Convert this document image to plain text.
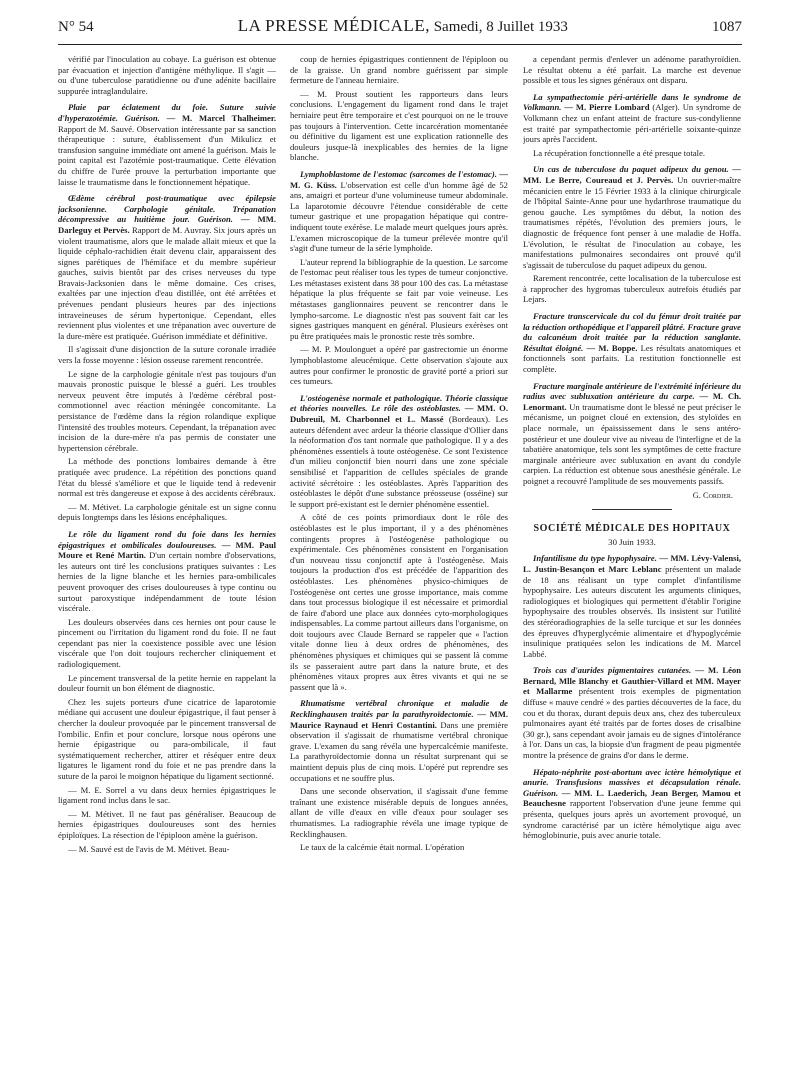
N° 54	LA PRESSE MÉDICALE, Samedi, 8 Juillet 1933	1087

vérifié par l'inoculation au cobaye. La guérison est obtenue par évacuation et injection d'antigène méthylique. Il s'agit — ou d'une tuberculose paratidienne ou d'une adénite bacillaire suppurée intraglandulaire.

Plaie par éclatement du foie. Suture suivie d'hyperazotémie. Guérison. — M. Marcel Thalheimer. Rapport de M. Sauvé. Observation intéressante par sa sanction thérapeutique : suture, établissement d'un Mikulicz et transfusion sanguine immédiate ont amené la guérison. Mais le point capital est l'azotémie post-traumatique. Cette élévation du chiffre de l'urée prouve la perturbation importante que laisse le traumatisme dans le fonctionnement hépatique.

Œdème cérébral post-traumatique avec épilepsie jacksonienne. Carphologie génitale. Trépanation décompressive au huitième jour. Guérison. — MM. Darleguy et Pervès. Rapport de M. Auvray. Six jours après un violent traumatisme, alors que le malade allait mieux et que la liquide céphalo-rachidien était devenu clair, apparaissent des signes parétiques de l'hémiface et du membre supérieur gauches, suivis bientôt par des crises nerveuses du type Bravais-Jacksonien dans le même domaine. Ces crises, exaltées par une injection d'eau distillée, ont été arrêtées et prévenues pendant plusieurs heures par des injections intraveineuses de sérum hypertonique. Cependant, elles reviennent plus violentes et une trépanation avec ouverture de la dure-mère est pratiquée. Guérison immédiate et définitive.

Il s'agissait d'une disjonction de la suture coronale irradiée vers la fosse moyenne : lésion osseuse rarement rencontrée.

Le signe de la carphologie génitale n'est pas toujours d'un mauvais pronostic puisque le blessé a guéri. Les troubles nerveux peuvent être imputés à l'œdème cérébral post-commotionnel avec réaction méningée concomitante. La persistance de l'œdème dans la région rolandique explique l'intensité des troubles moteurs. Cependant, la trépanation avec incision de la dure-mère n'a pas permis de constater une hypertension cérébrale.

La méthode des ponctions lombaires demande à être pratiquée avec prudence. La répétition des ponctions quand l'état du blessé s'améliore et que le liquide tend à redevenir normal est très dangereuse et expose à des accidents cérébraux.

— M. Métivet. La carphologie génitale est un signe connu depuis longtemps dans les lésions encéphaliques.

Le rôle du ligament rond du foie dans les hernies épigastriques et ombilicales douloureuses. — MM. Paul Moure et René Martin. D'un certain nombre d'observations, les auteurs ont tiré les conclusions pratiques suivantes : Les hernies de la ligne blanche et les hernies para-ombilicales peuvent provoquer des crises douloureuses à type continu ou surtout paroxystique indépendamment de toute lésion viscérale.

Les douleurs observées dans ces hernies ont pour cause le pincement ou l'irritation du ligament rond du foie. Il ne faut cependant pas nier la coexistence possible avec une lésion viscérale que l'on doit toujours rechercher cliniquement et radiologiquement.

Le pincement transversal de la petite hernie en rappelant la douleur fournit un bon élément de diagnostic.

Chez les sujets porteurs d'une cicatrice de laparotomie médiane qui accusent une douleur épigastrique, il faut penser à chercher la douleur provoquée par le pincement transversal de l'ombilic. Enfin et pour conclure, lorsque nous opérons une hernie épigastrique ou para-ombilicale, il faut systématiquement rechercher, attirer et réséquer entre deux ligatures le ligament rond du foie et ne pas prendre dans la suture de la paroi le moignon hépatique du ligament sectionné.

— M. E. Sorrel a vu dans deux hernies épigastriques le ligament rond inclus dans le sac.

— M. Métivet. Il ne faut pas généraliser. Beaucoup de hernies épigastriques douloureuses sont des hernies épiploïques. La résection de l'épiploon amène la guérison.

— M. Sauvé est de l'avis de M. Métivet. Beau-

coup de hernies épigastriques contiennent de l'épiploon ou de la graisse. Un grand nombre guérissent par simple fermeture de l'anneau herniaire.

— M. Proust soutient les rapporteurs dans leurs conclusions. L'engagement du ligament rond dans le trajet herniaire peut être temporaire et c'est pourquoi on ne le trouve pas toujours à l'intervention. Cette incarcération momentanée ou définitive du ligament est une explication rationnelle des douleurs jusque-là inexplicables des hernies de la ligne blanche.

Lymphoblastome de l'estomac (sarcomes de l'estomac). — M. G. Küss. L'observation est celle d'un homme âgé de 52 ans, amaigri et porteur d'une volumineuse tumeur abdominale. La laparotomie découvre l'étendue considérable de cette tumeur gastrique et une propagation hépatique qui contre-indiquent toute exérèse. Le malade meurt quelques jours après. L'examen microscopique de la tumeur prélevée montre qu'il s'agit d'une tumeur de la série lymphoïde.

L'auteur reprend la bibliographie de la question. Le sarcome de l'estomac peut réaliser tous les types de tumeur conjonctive. Les métastases existent dans 38 pour 100 des cas. La métastase hépatique la plus fréquente se fait par voie veineuse. Les métastases ganglionnaires peuvent se rencontrer dans le lympho-sarcome. Le diagnostic n'est pas souvent fait car les signes gastriques manquent en général. Plusieurs exérèses ont pu être pratiquées mais le pronostic reste très sombre.

— M. P. Moulonguet a opéré par gastrectomie un énorme lymphoblastome aleucémique. Cette observation s'ajoute aux autres pour confirmer le pronostic de gravité porté a priori sur ces tumeurs.

L'ostéogenèse normale et pathologique. Théorie classique et théories nouvelles. Le rôle des ostéoblastes. — MM. O. Dubreuil, M. Charbonnel et L. Massé (Bordeaux). Les auteurs défendent avec ardeur la théorie classique d'Ollier dans la néoformation d'os tant normale que pathologique. Il y a des phénomènes essentiels à toute ostéogenèse. Ce sont l'existence d'un milieu conjonctif bien nourri dans une zone spéciale sensibilisé et l'apparition de cellules spéciales de grande activité sécrétoire : les ostéoblastes. Après l'apparition des ostéoblastes le dépôt d'une substance préosseuse (osséine) sur le support pré-existant est le dernier phénomène essentiel.

A côté de ces points primordiaux dont le rôle des ostéoblastes est le plus important, il y a des phénomènes contingents propres à l'ostéogenèse pathologique ou expérimentale. Ces phénomènes consistent en l'organisation d'un nouveau tissu conjonctif apte à l'ostéogenèse. Mais toujours la production d'os est précédée de l'apparition des ostéoblastes. Les phénomènes physico-chimiques de l'ostéogenèse ont certes une grosse importance, mais comme dans tout processus biologique il est nécessaire et primordial de faire d'abord une place aux données cyto-morphologiques indispensables. La comme partout ailleurs dans l'organisme, on doit toujours avec Claude Bernard se rappeler que « l'action vitale donne lieu à deux ordres de phénomènes, des phénomènes physiques et chimiques qui se passent là comme ils se passeraient autre part dans la nature brute, et des phénomènes vitaux propres aux êtres vivants et qui ne se passent que là ».

Rhumatisme vertébral chronique et maladie de Recklinghausen traités par la parathyroïdectomie. — MM. Maurice Raynaud et Henri Costantini. Dans une première observation il s'agissait de rhumatisme vertébral chronique grave. L'examen du sang révéla une hypercalcémie manifeste. La parathyroïdectomie donna un résultat surprenant qui se maintient depuis plus de cinq mois. L'opéré put reprendre ses occupations et ne souffre plus.

Dans une seconde observation, il s'agissait d'une femme traînant une existence misérable depuis de longues années, allant de ville d'eaux en ville d'eaux pour soulager ses rhumatismes. La radiographie révéla une image typique de Recklinghausen.

Le taux de la calcémie était normal. L'opération

a cependant permis d'enlever un adénome parathyroïdien. Le résultat obtenu a été parfait. La marche est devenue possible et tous les signes généraux ont disparu.

La sympathectomie péri-artérielle dans le syndrome de Volkmann. — M. Pierre Lombard (Alger). Un syndrome de Volkmann chez un enfant atteint de fracture sus-condylienne est traité par sympathectomie péri-artérielle soixante-quinze jours après l'accident.

La récupération fonctionnelle a été presque totale.

Un cas de tuberculose du paquet adipeux du genou. — MM. Le Berre, Coureaud et J. Pervès. Un ouvrier-maître mécanicien entre le 15 Février 1933 à la clinique chirurgicale de l'hôpital Sainte-Anne pour une hydarthrose traumatique du genou gauche. Les symptômes du début, la notion des traumatismes répétés, l'évolution des premiers jours, le diagnostic de fréquence font penser à une maladie de Hoffa. L'évolution, le résultat de l'inoculation au cobaye, les manifestations pulmonaires secondaires ont prouvé qu'il s'agissait de tuberculose du paquet adipeux du genou.

Rarement rencontrée, cette localisation de la tuberculose est à rapprocher des hygromas tuberculeux autrefois étudiés par Lejars.

Fracture transcervicale du col du fémur droit traitée par la réduction orthopédique et l'appareil plâtré. Fracture grave du calcanéum droit traitée par la réduction sanglante. Résultat éloigné. — M. Boppe. Les résultats anatomiques et fonctionnels sont parfaits. La restitution fonctionnelle est complète.

Fracture marginale antérieure de l'extrémité inférieure du radius avec subluxation antérieure du carpe. — M. Ch. Lenormant. Un traumatisme dont le blessé ne peut préciser le mécanisme, un poignet cloué en extension, des styloïdes en place normale, un épaississement dans le sens antéro-postérieur et une douleur vive au niveau de l'interligne et de la tabatière anatomique, tels sont les symptômes de cette fracture marginale antérieure avec subluxation en avant du condyle carpien. La réduction est obtenue sous anesthésie générale. Le poignet a recouvré l'amplitude de ses mouvements passifs.

G. Cordier.
SOCIÉTÉ MÉDICALE DES HOPITAUX
30 Juin 1933.

Infantilisme du type hypophysaire. — MM. Lévy-Valensi, L. Justin-Besançon et Marc Leblanc présentent un malade de 18 ans réalisant un type complet d'infantilisme hypophysaire. Les auteurs discutent les arguments cliniques, radiologiques et biologiques qui permettent d'établir l'origine hypophysaire des troubles observés. Ils insistent sur l'utilité des stéréoradiographies de la selle turcique et sur les données des épreuves d'hyperglycémie alimentaire et d'hypoglycémie insulinique pratiquées selon les indications de M. Marcel Labbé.

Trois cas d'aurides pigmentaires cutanées. — M. Léon Bernard, Mlle Blanchy et Gauthier-Villard et MM. Mayer et Mallarme présentent trois exemples de pigmentation diffuse « mauve cendré » des parties découvertes de la face, du cou et du thorax, durant depuis deux ans, chez des tuberculeux pulmonaires ayant été traités par de fortes doses de crisalbine (30 gr.), sans cependant avoir jamais eu de signes d'intolérance à l'or. Dans un cas, la biopsie d'un fragment de peau pigmentée montre la présence de grains d'or dans le derme.

Hépato-néphrite post-abortum avec ictère hémolytique et anurie. Transfusions massives et décapsulation rénale. Guérison. — MM. L. Laederich, Jean Berger, Mamou et Beauchesne rapportent l'observation d'une jeune femme qui présenta, quelques jours après un avortement provoqué, un syndrome caractérisé par un ictère hémolytique aigu avec hémoglobinurie, puis avec anurie totale.
